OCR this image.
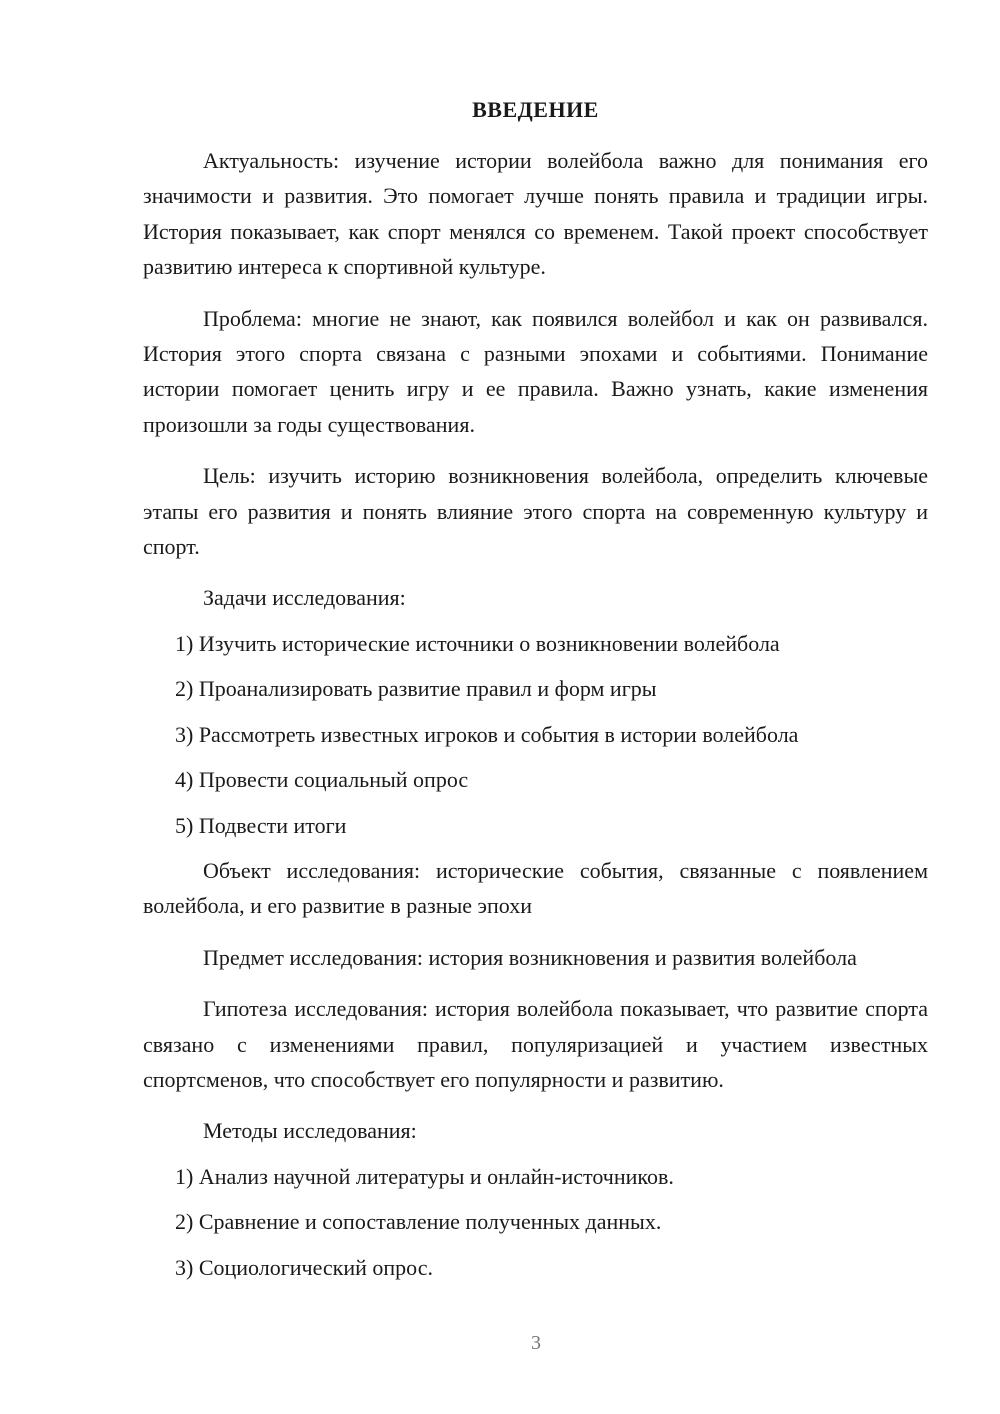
ВВЕДЕНИЕ

Актуальность: изучение истории волейбола важно для понимания его значимости и развития. Это помогает лучше понять правила и традиции игры. История показывает, как спорт менялся со временем. Такой проект способствует развитию интереса к спортивной культуре.

Проблема: многие не знают, как появился волейбол и как он развивался. История этого спорта связана с разными эпохами и событиями. Понимание истории помогает ценить игру и ее правила. Важно узнать, какие изменения произошли за годы существования.

Цель: изучить историю возникновения волейбола, определить ключевые этапы его развития и понять влияние этого спорта на современную культуру и спорт.

Задачи исследования:

1) Изучить исторические источники о возникновении волейбола
2) Проанализировать развитие правил и форм игры
3) Рассмотреть известных игроков и события в истории волейбола
4) Провести социальный опрос
5) Подвести итоги

Объект исследования: исторические события, связанные с появлением волейбола, и его развитие в разные эпохи

Предмет исследования: история возникновения и развития волейбола

Гипотеза исследования: история волейбола показывает, что развитие спорта связано с изменениями правил, популяризацией и участием известных спортсменов, что способствует его популярности и развитию.

Методы исследования:

1) Анализ научной литературы и онлайн-источников.
2) Сравнение и сопоставление полученных данных.
3) Социологический опрос.
3
